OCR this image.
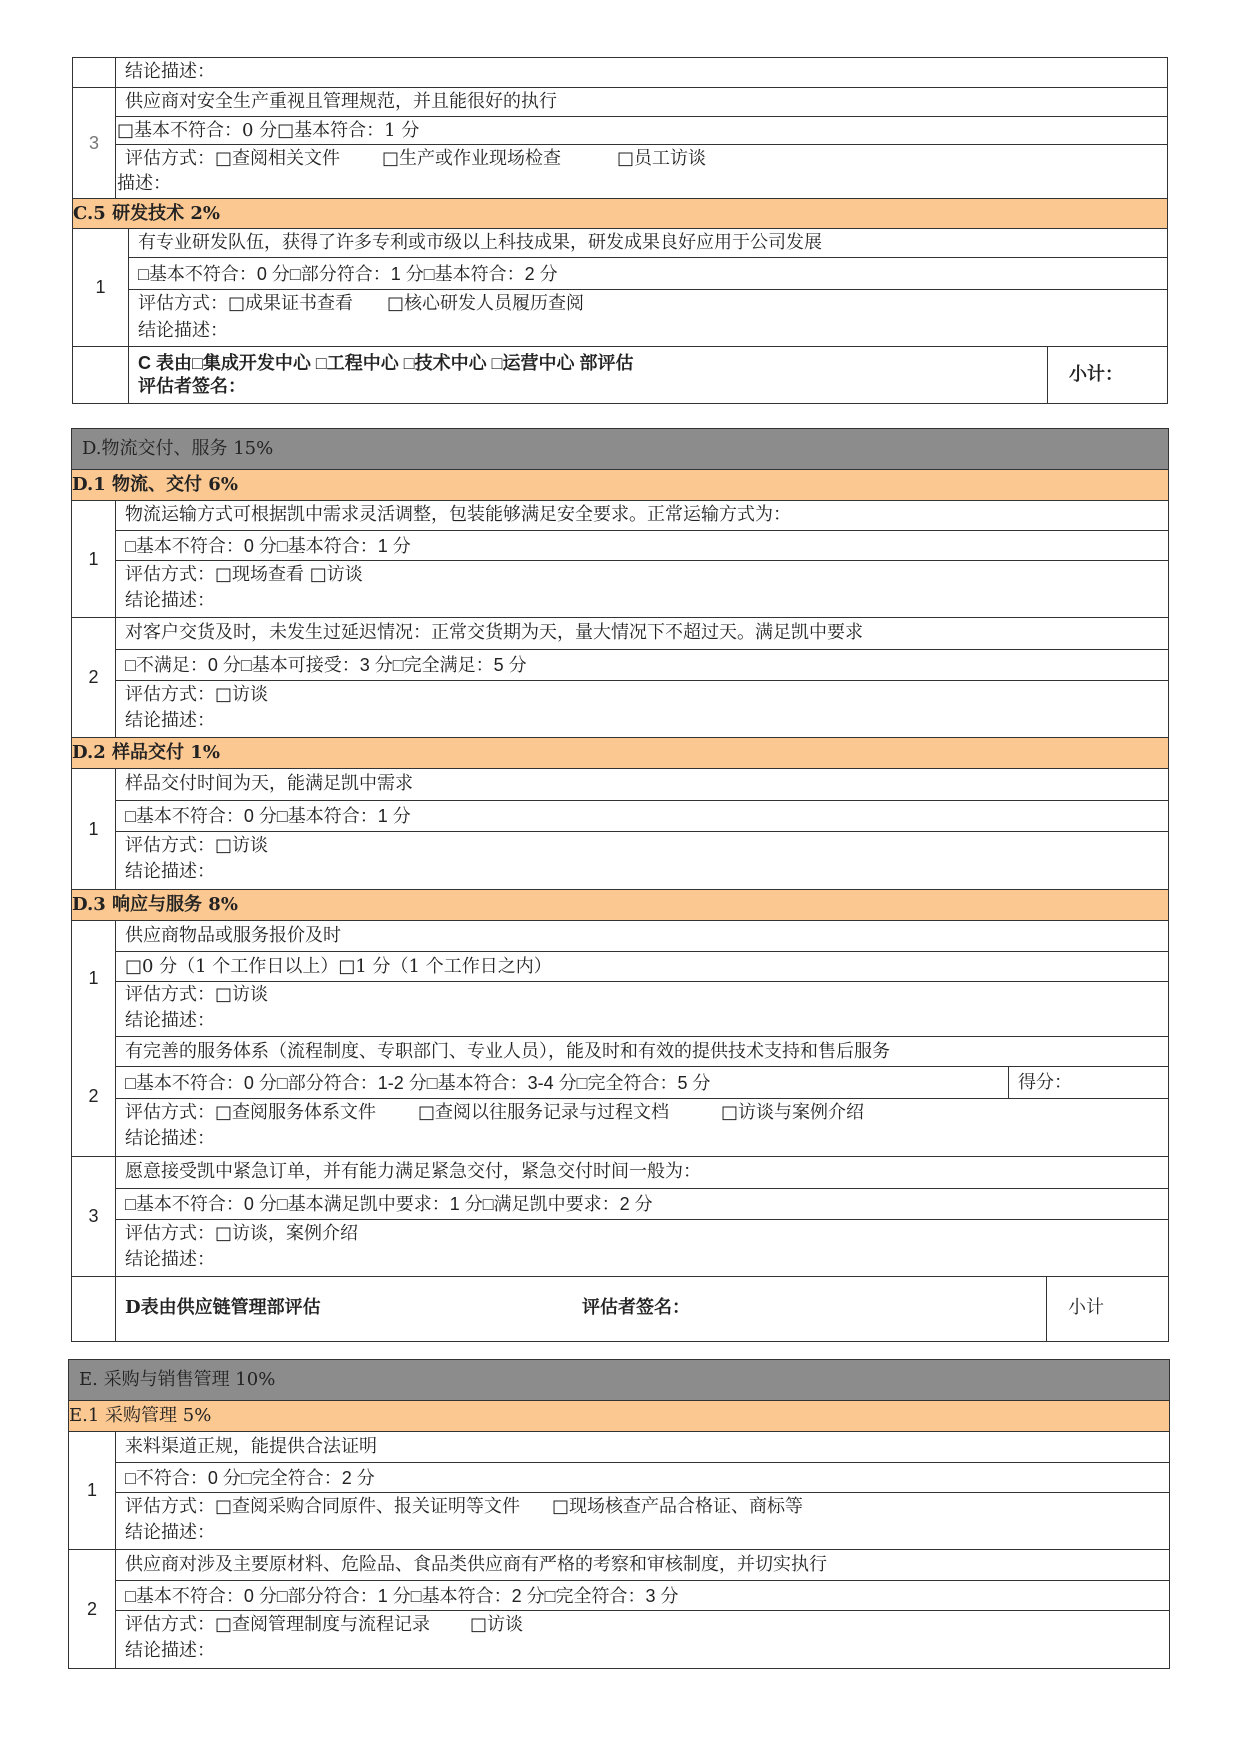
结论描述：
3
供应商对安全生产重视且管理规范，并且能很好的执行
□基本不符合：0 分□基本符合：1 分
评估方式：□查阅相关文件 □生产或作业现场检查	□员工访谈
描述：
C.5 研发技术 2%
1
有专业研发队伍，获得了许多专利或市级以上科技成果，研发成果良好应用于公司发展
□基本不符合：0 分□部分符合：1 分□基本符合：2 分
评估方式：□成果证书查看 □核心研发人员履历查阅
结论描述：
C 表由□集成开发中心 □工程中心 □技术中心 □运营中心 部评估
评估者签名：
小计：
D.物流交付、服务 15%
D.1 物流、交付 6%
1
物流运输方式可根据凯中需求灵活调整，包装能够满足安全要求。正常运输方式为：
□基本不符合：0 分□基本符合：1 分
评估方式：□现场查看 □访谈
结论描述：
2
对客户交货及时，未发生过延迟情况：正常交货期为天，量大情况下不超过天。满足凯中要求
□不满足：0 分□基本可接受：3 分□完全满足：5 分
评估方式：□访谈
结论描述：
D.2 样品交付 1%
1
样品交付时间为天，能满足凯中需求
□基本不符合：0 分□基本符合：1 分
评估方式：□访谈
结论描述：
D.3 响应与服务 8%
1
供应商物品或服务报价及时
□0 分（1 个工作日以上）□1 分（1 个工作日之内）
评估方式：□访谈
结论描述：
2
有完善的服务体系（流程制度、专职部门、专业人员），能及时和有效的提供技术支持和售后服务
□基本不符合：0 分□部分符合：1-2 分□基本符合：3-4 分□完全符合：5 分	得分：
评估方式：□查阅服务体系文件 □查阅以往服务记录与过程文档	□访谈与案例介绍
结论描述：
3
愿意接受凯中紧急订单，并有能力满足紧急交付，紧急交付时间一般为：
□基本不符合：0 分□基本满足凯中要求：1 分□满足凯中要求：2 分
评估方式：□访谈，案例介绍
结论描述：
D表由供应链管理部评估	评估者签名：	小计
E. 采购与销售管理 10%
E.1 采购管理 5%
1
来料渠道正规，能提供合法证明
□不符合：0 分□完全符合：2 分
评估方式：□查阅采购合同原件、报关证明等文件 □现场核查产品合格证、商标等
结论描述：
2
供应商对涉及主要原材料、危险品、食品类供应商有严格的考察和审核制度，并切实执行
□基本不符合：0 分□部分符合：1 分□基本符合：2 分□完全符合：3 分
评估方式：□查阅管理制度与流程记录 □访谈
结论描述：
